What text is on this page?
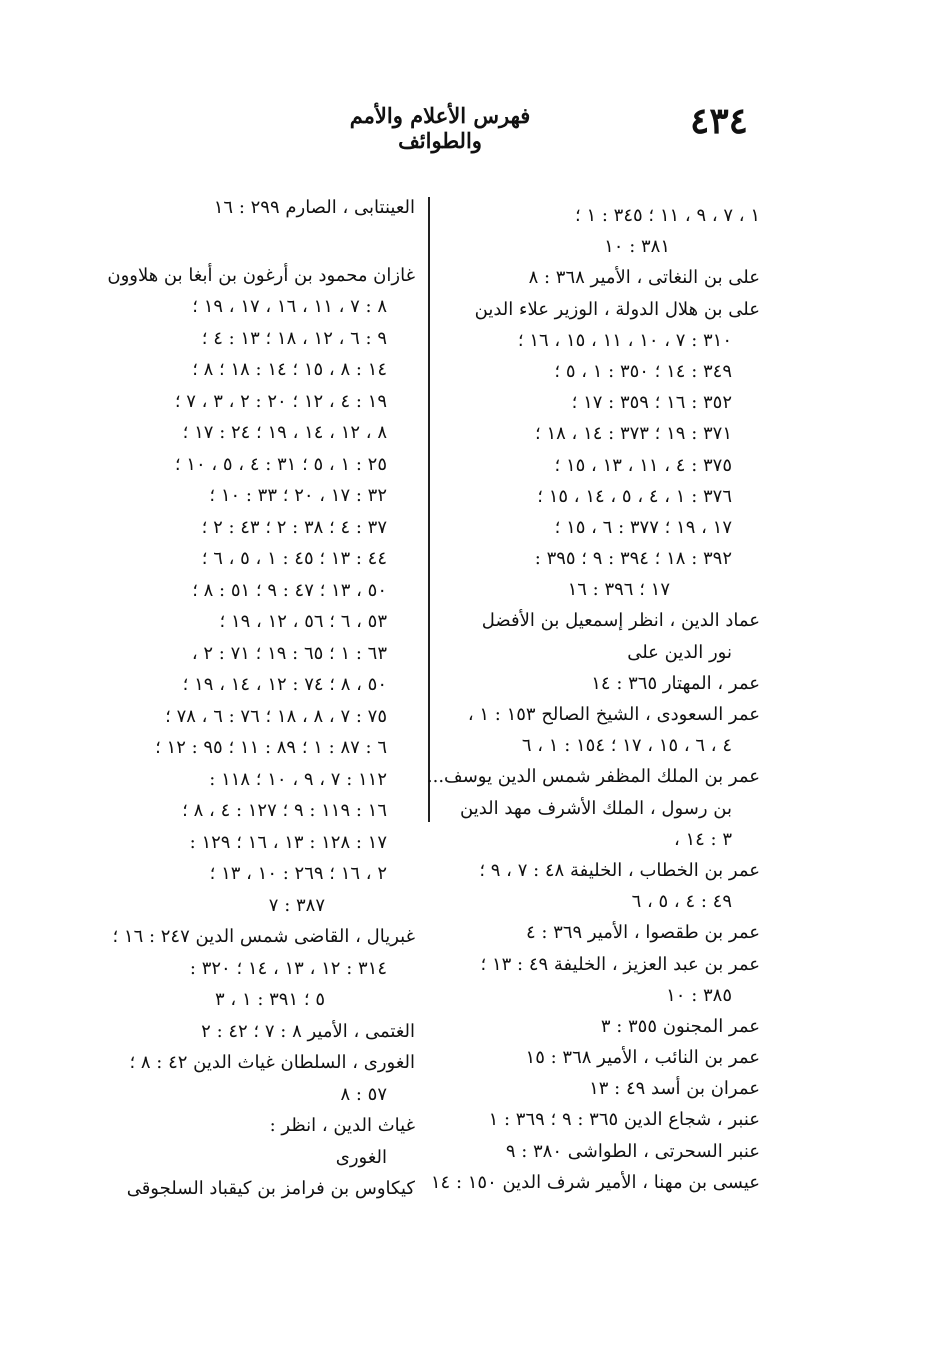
٤٣٤
فهرس الأعلام والأمم والطوائف
١ ، ٧ ، ٩ ، ١١ ؛ ٣٤٥ : ١ ؛
٣٨١ : ١٠
على بن النغاتى ، الأمير ٣٦٨ : ٨
على بن هلال الدولة ، الوزير علاء الدين
٣١٠ : ٧ ، ١٠ ، ١١ ، ١٥ ، ١٦ ؛
٣٤٩ : ١٤ ؛ ٣٥٠ : ١ ، ٥ ؛
٣٥٢ : ١٦ ؛ ٣٥٩ : ١٧ ؛
٣٧١ : ١٩ ؛ ٣٧٣ : ١٤ ، ١٨ ؛
٣٧٥ : ٤ ، ١١ ، ١٣ ، ١٥ ؛
٣٧٦ : ١ ، ٤ ، ٥ ، ١٤ ، ١٥ ؛
١٧ ، ١٩ ؛ ٣٧٧ : ٦ ، ١٥ ؛
٣٩٢ : ١٨ ؛ ٣٩٤ : ٩ ؛ ٣٩٥ :
١٧ ؛ ٣٩٦ : ١٦
عماد الدين ، انظر إسمعيل بن الأفضل
نور الدين على
عمر ، المهتار ٣٦٥ : ١٤
عمر السعودى ، الشيخ الصالح ١٥٣ : ١ ،
٤ ، ٦ ، ١٥ ، ١٧ ؛ ١٥٤ : ١ ، ٦
عمر بن الملك المظفر شمس الدين يوسف...
بن رسول ، الملك الأشرف مهد الدين
٣ : ١٤ ،
عمر بن الخطاب ، الخليفة ٤٨ : ٧ ، ٩ ؛
٤٩ : ٤ ، ٥ ، ٦
عمر بن طقصوا ، الأمير ٣٦٩ : ٤
عمر بن عبد العزيز ، الخليفة ٤٩ : ١٣ ؛
٣٨٥ : ١٠
عمر المجنون ٣٥٥ : ٣
عمر بن النائب ، الأمير ٣٦٨ : ١٥
عمران بن أسد ٤٩ : ١٣
عنبر ، شجاع الدين ٣٦٥ : ٩ ؛ ٣٦٩ : ١
عنبر السحرتى ، الطواشى ٣٨٠ : ٩
عيسى بن مهنا ، الأمير شرف الدين ١٥٠ : ١٤
العينتابى ، الصارم ٢٩٩ : ١٦
غازان محمود بن أرغون بن أبغا بن هلاوون
٨ : ٧ ، ١١ ، ١٦ ، ١٧ ، ١٩ ؛
٩ : ٦ ، ١٢ ، ١٨ ؛ ١٣ : ٤ ؛
١٤ : ٨ ، ١٥ ؛ ١٤ : ١٨ ؛ ٨ ؛
١٩ : ٤ ، ١٢ ؛ ٢٠ : ٢ ، ٣ ، ٧ ؛
٨ ، ١٢ ، ١٤ ، ١٩ ؛ ٢٤ : ١٧ ؛
٢٥ : ١ ، ٥ ؛ ٣١ : ٤ ، ٥ ، ١٠ ؛
٣٢ : ١٧ ، ٢٠ ؛ ٣٣ : ١٠ ؛
٣٧ : ٤ ؛ ٣٨ : ٢ ؛ ٤٣ : ٢ ؛
٤٤ : ١٣ ؛ ٤٥ : ١ ، ٥ ، ٦ ؛
٥٠ ، ١٣ ؛ ٤٧ : ٩ ؛ ٥١ : ٨ ؛
٥٣ ، ٦ ؛ ٥٦ ، ١٢ ، ١٩ ؛
٦٣ : ١ ؛ ٦٥ : ١٩ ؛ ٧١ : ٢ ،
٥٠ ، ٨ ؛ ٧٤ : ١٢ ، ١٤ ، ١٩ ؛
٧٥ : ٧ ، ٨ ، ١٨ ؛ ٧٦ : ٦ ، ٧٨ ؛
٦ : ٨٧ : ١ ؛ ٨٩ : ١١ ؛ ٩٥ : ١٢ ؛
١١٢ : ٧ ، ٩ ، ١٠ ؛ ١١٨ :
١٦ : ١١٩ : ٩ ؛ ١٢٧ : ٤ ، ٨ ؛
١٧ : ١٢٨ : ١٣ ، ١٦ ؛ ١٢٩ :
٢ ، ١٦ ؛ ٢٦٩ : ١٠ ، ١٣ ؛
٣٨٧ : ٧
غبريال ، القاضى شمس الدين ٢٤٧ : ١٦ ؛
٣١٤ : ١٢ ، ١٣ ، ١٤ ؛ ٣٢٠ :
٥ ؛ ٣٩١ : ١ ، ٣
الغتمى ، الأمير ٨ : ٧ ؛ ٤٢ : ٢
الغورى ، السلطان غياث الدين ٤٢ : ٨ ؛
٥٧ : ٨
غياث الدين ، انظر :
الغورى
كيكاوس بن فرامز بن كيقباد السلجوقى
